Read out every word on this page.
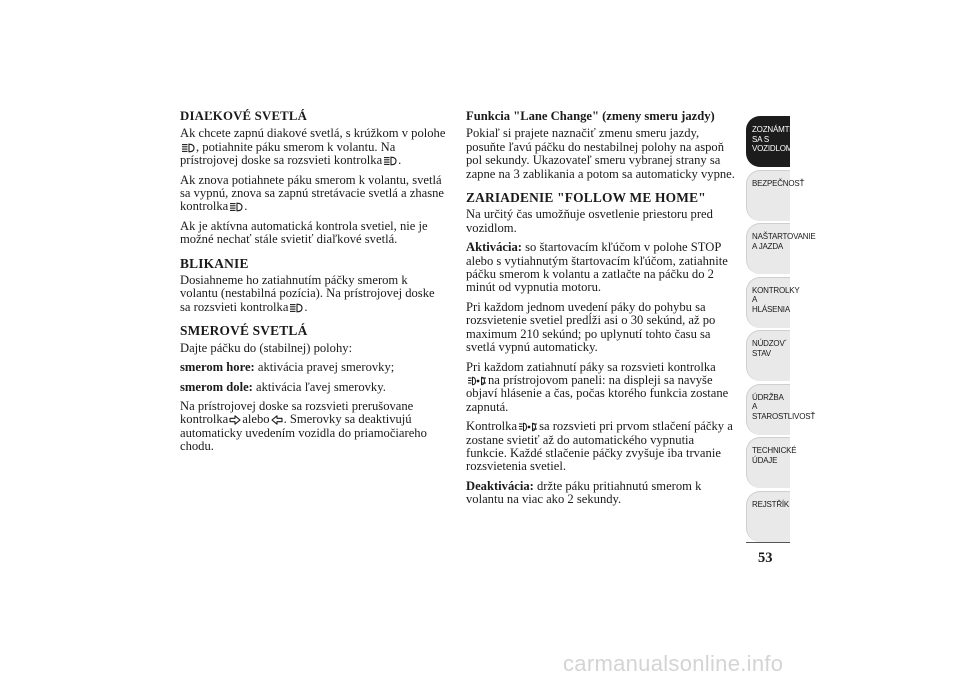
DIAĽKOVÉ SVETLÁ

Ak chcete zapnú diakové svetlá, s krúžkom v polohe
, potiahnite páku smerom k volantu. Na prístrojovej doske sa rozsvieti kontrolka .

Ak znova potiahnete páku smerom k volantu, svetlá sa vypnú, znova sa zapnú stretávacie svetlá a zhasne kontrolka .

Ak je aktívna automatická kontrola svetiel, nie je možné nechať stále svietiť diaľkové svetlá.

BLIKANIE

Dosiahneme ho zatiahnutím páčky smerom k volantu (nestabilná pozícia). Na prístrojovej doske sa rozsvieti kontrolka .

SMEROVÉ SVETLÁ

Dajte páčku do (stabilnej) polohy:

smerom hore: aktivácia pravej smerovky;

smerom dole: aktivácia ľavej smerovky.

Na prístrojovej doske sa rozsvieti prerušovane kontrolka alebo . Smerovky sa deaktivujú automaticky uvedením vozidla do priamočiareho chodu.

Funkcia "Lane Change" (zmeny smeru jazdy)

Pokiaľ si prajete naznačiť zmenu smeru jazdy, posuňte ľavú páčku do nestabilnej polohy na aspoň pol sekundy. Ukazovateľ smeru vybranej strany sa zapne na 3 zablikania a potom sa automaticky vypne.

ZARIADENIE "FOLLOW ME HOME"

Na určitý čas umožňuje osvetlenie priestoru pred vozidlom.

Aktivácia: so štartovacím kľúčom v polohe STOP alebo s vytiahnutým štartovacím kľúčom, zatiahnite páčku smerom k volantu a zatlačte na páčku do 2 minút od vypnutia motoru.

Pri každom jednom uvedení páky do pohybu sa rozsvietenie svetiel predĺži asi o 30 sekúnd, až po maximum 210 sekúnd; po uplynutí tohto času sa svetlá vypnú automaticky.

Pri každom zatiahnutí páky sa rozsvieti kontrolka

na prístrojovom paneli: na displeji sa navyše objaví hlásenie a čas, počas ktorého funkcia zostane zapnutá.

Kontrolka sa rozsvieti pri prvom stlačení páčky a zostane svietiť až do automatického vypnutia funkcie. Každé stlačenie páčky zvyšuje iba trvanie rozsvietenia svetiel.

Deaktivácia: držte páku pritiahnutú smerom k volantu na viac ako 2 sekundy.

ZOZNÁMTE SA S
VOZIDLOM
BEZPEČNOSŤ

NAŠTARTOVANIE
A JAZDA
KONTROLKY A
HLÁSENIA
NÚDZOV´ STAV

ÚDRŽBA A
STAROSTLIVOSŤ
TECHNICKÉ
ÚDAJE
REJSTŘÍK

53
carmanualsonline.info
